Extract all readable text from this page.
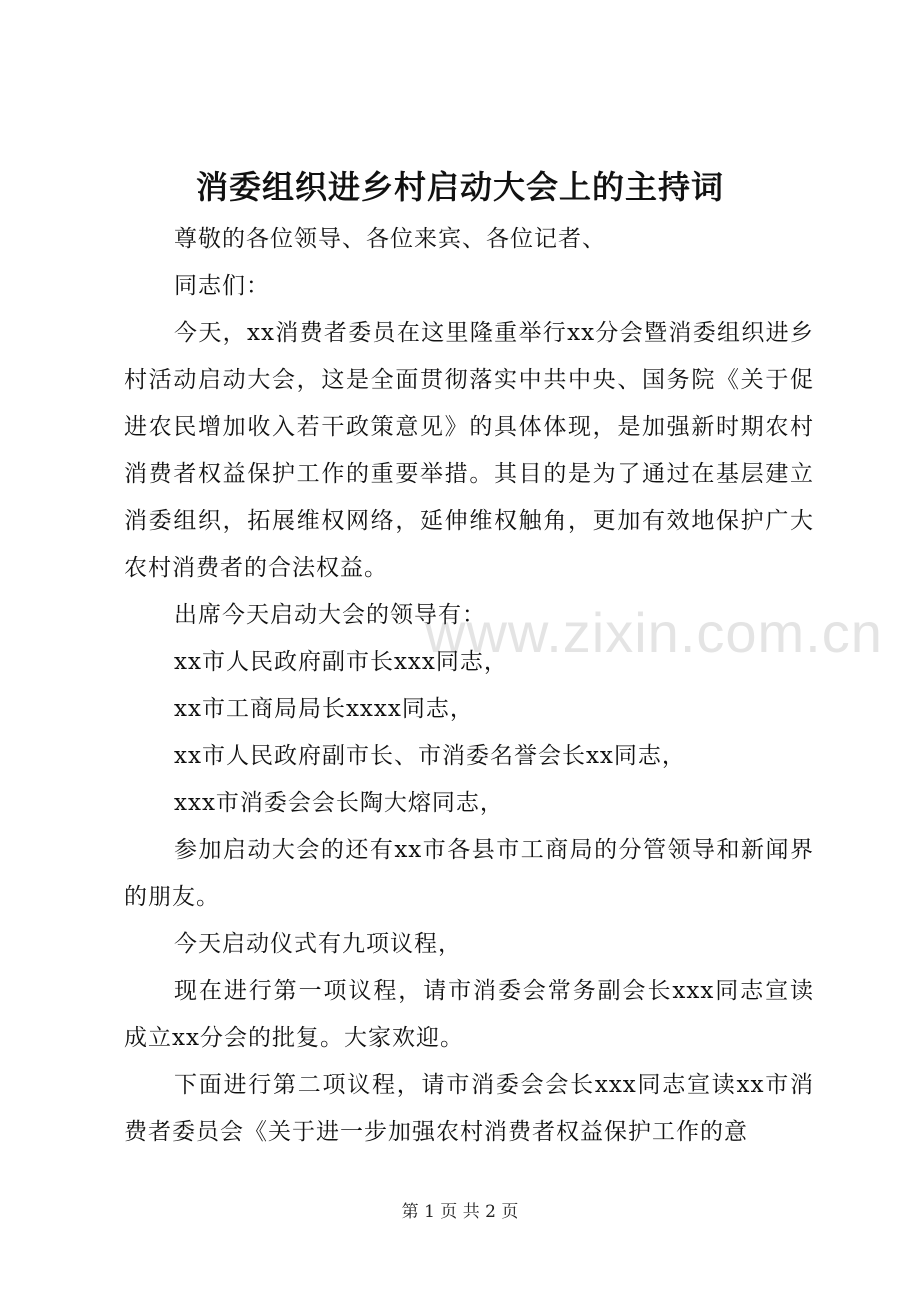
www.zixin.com.cn
消委组织进乡村启动大会上的主持词

尊敬的各位领导、各位来宾、各位记者、

同志们：

今天，xx消费者委员在这里隆重举行xx分会暨消委组织进乡村活动启动大会，这是全面贯彻落实中共中央、国务院《关于促进农民增加收入若干政策意见》的具体体现，是加强新时期农村消费者权益保护工作的重要举措。其目的是为了通过在基层建立消委组织，拓展维权网络，延伸维权触角，更加有效地保护广大农村消费者的合法权益。

出席今天启动大会的领导有：

xx市人民政府副市长xxx同志，

xx市工商局局长xxxx同志，

xx市人民政府副市长、市消委名誉会长xx同志，

xxx市消委会会长陶大熔同志，

参加启动大会的还有xx市各县市工商局的分管领导和新闻界的朋友。

今天启动仪式有九项议程，

现在进行第一项议程，请市消委会常务副会长xxx同志宣读成立xx分会的批复。大家欢迎。

下面进行第二项议程，请市消委会会长xxx同志宣读xx市消费者委员会《关于进一步加强农村消费者权益保护工作的意

第 1 页 共 2 页
